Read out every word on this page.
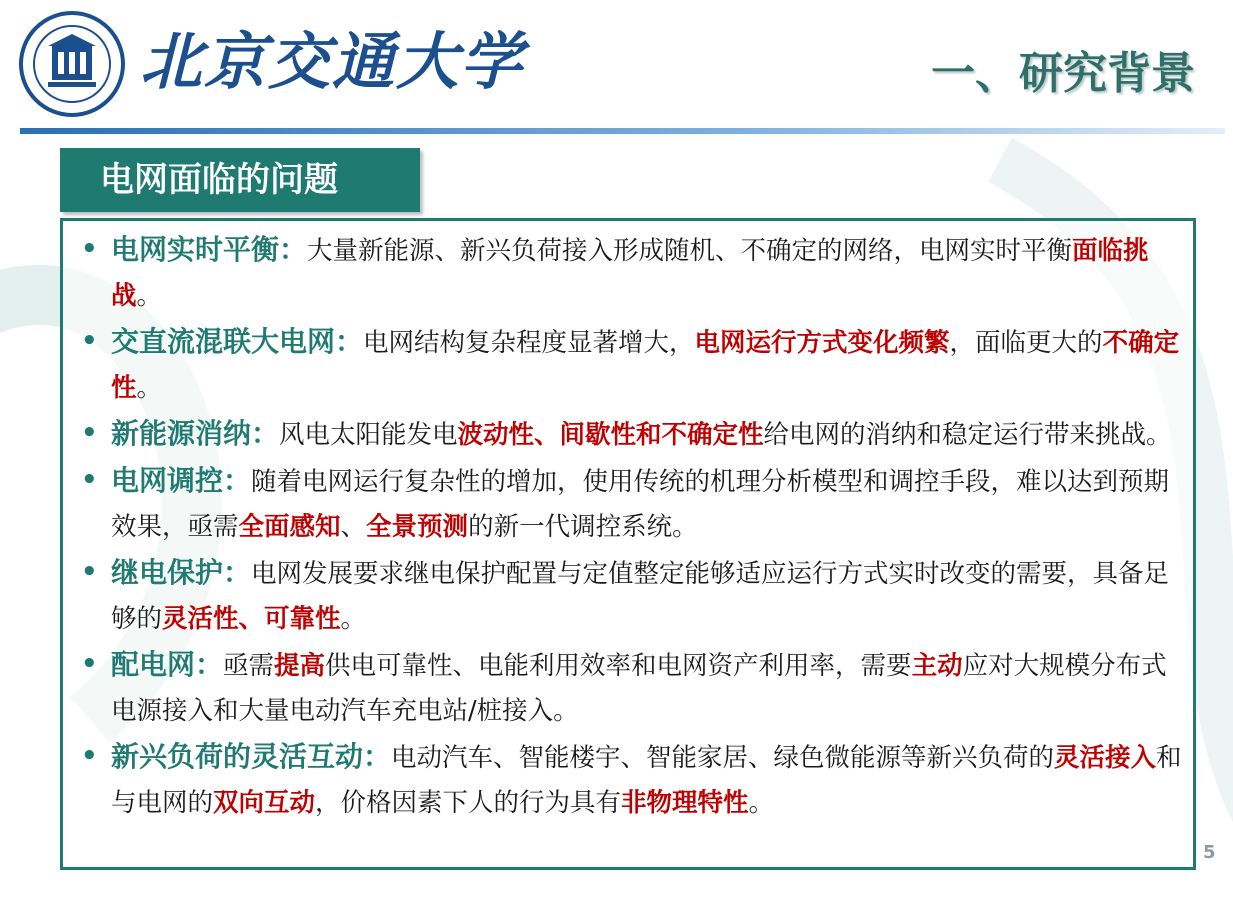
北京交通大学	一、研究背景
电网面临的问题
• 电网实时平衡：大量新能源、新兴负荷接入形成随机、不确定的网络，电网实时平衡面临挑战。
• 交直流混联大电网：电网结构复杂程度显著增大，电网运行方式变化频繁，面临更大的不确定性。
• 新能源消纳：风电太阳能发电波动性、间歇性和不确定性给电网的消纳和稳定运行带来挑战。
• 电网调控：随着电网运行复杂性的增加，使用传统的机理分析模型和调控手段，难以达到预期效果，亟需全面感知、全景预测的新一代调控系统。
• 继电保护：电网发展要求继电保护配置与定值整定能够适应运行方式实时改变的需要，具备足够的灵活性、可靠性。
• 配电网：亟需提高供电可靠性、电能利用效率和电网资产利用率，需要主动应对大规模分布式电源接入和大量电动汽车充电站/桩接入。
• 新兴负荷的灵活互动：电动汽车、智能楼宇、智能家居、绿色微能源等新兴负荷的灵活接入和与电网的双向互动，价格因素下人的行为具有非物理特性。
5
